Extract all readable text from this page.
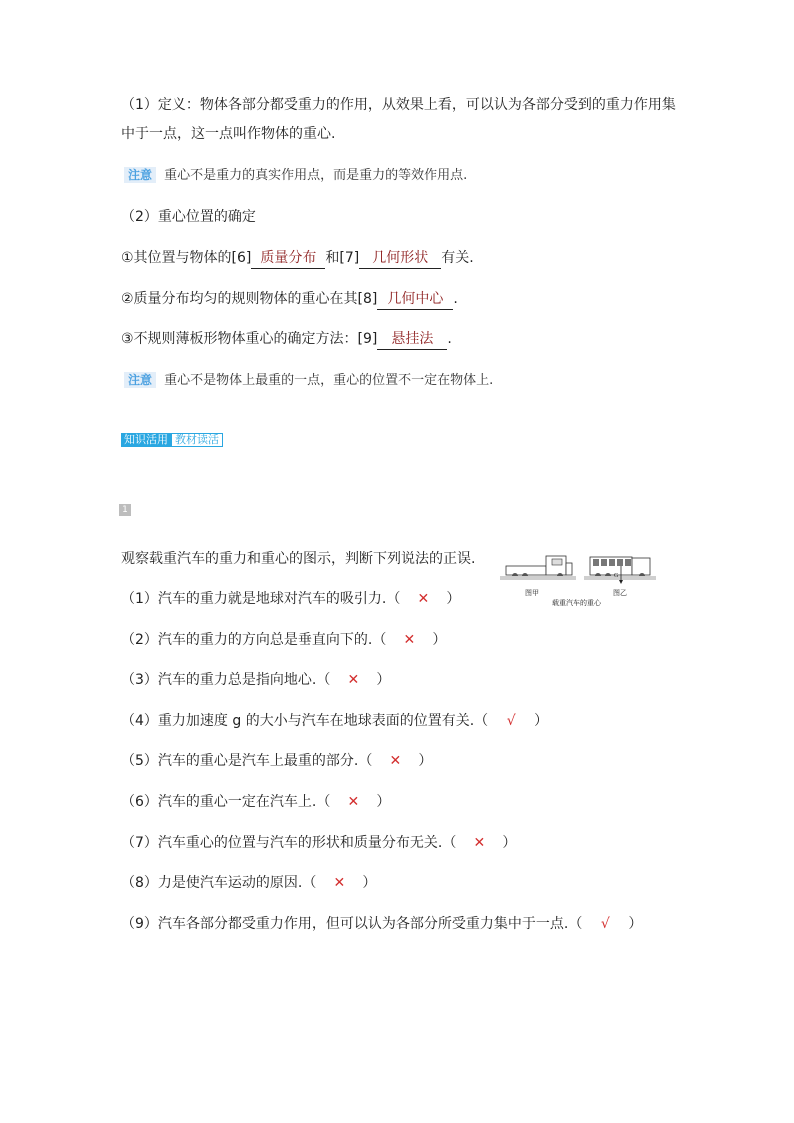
（1）定义：物体各部分都受重力的作用，从效果上看，可以认为各部分受到的重力作用集
中于一点，这一点叫作物体的重心.
注意 重心不是重力的真实作用点，而是重力的等效作用点.
（2）重心位置的确定
①其位置与物体的[6] 质量分布 和[7] 几何形状 有关.
②质量分布均匀的规则物体的重心在其[8] 几何中心 .
③不规则薄板形物体重心的确定方法：[9] 悬挂法 .
注意 重心不是物体上最重的一点，重心的位置不一定在物体上.
知识活用 教材读活
1
观察载重汽车的重力和重心的图示，判断下列说法的正误.
G
图甲	图乙
载重汽车的重心
（1）汽车的重力就是地球对汽车的吸引力.（ ✕ ）
（2）汽车的重力的方向总是垂直向下的.（ ✕ ）
（3）汽车的重力总是指向地心.（ ✕ ）
（4）重力加速度 g 的大小与汽车在地球表面的位置有关.（ √ ）
（5）汽车的重心是汽车上最重的部分.（ ✕ ）
（6）汽车的重心一定在汽车上.（ ✕ ）
（7）汽车重心的位置与汽车的形状和质量分布无关.（ ✕ ）
（8）力是使汽车运动的原因.（ ✕ ）
（9）汽车各部分都受重力作用，但可以认为各部分所受重力集中于一点.（ √ ）
